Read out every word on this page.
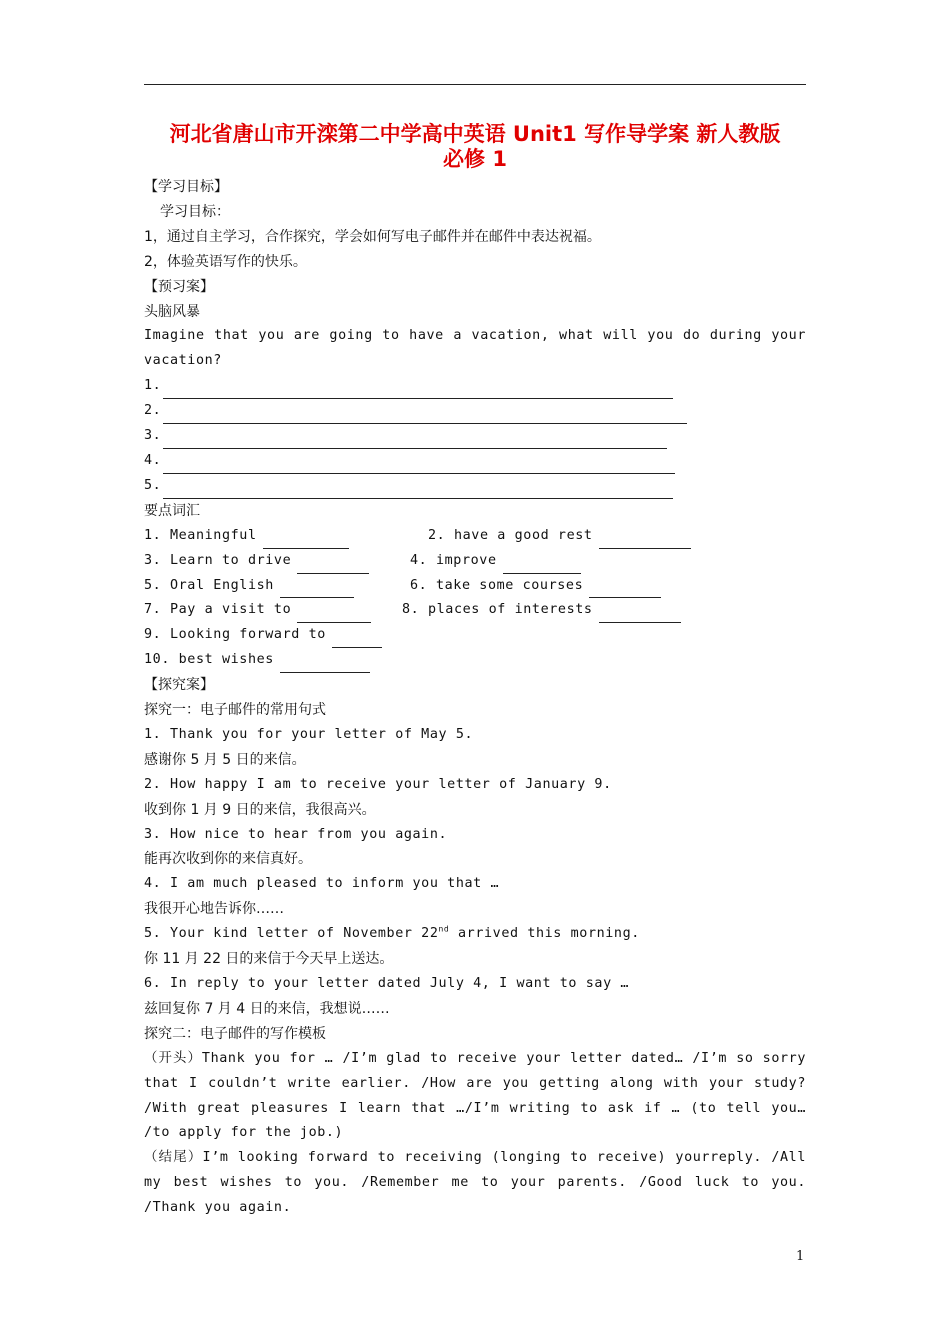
河北省唐山市开滦第二中学高中英语 Unit1 写作导学案 新人教版
必修 1
【学习目标】
学习目标：
1，通过自主学习，合作探究，学会如何写电子邮件并在邮件中表达祝福。
2，体验英语写作的快乐。
【预习案】
头脑风暴
Imagine that you are going to have a vacation, what will you do during your vacation?
1.
2.
3.
4.
5.
要点词汇
1. Meaningful	2. have a good rest
3. Learn to drive	4. improve
5. Oral English	6. take some courses
7. Pay a visit to	8. places of interests
9. Looking forward to
10. best wishes
【探究案】
探究一：电子邮件的常用句式
1. Thank you for your letter of May 5.
感谢你 5 月 5 日的来信。
2. How happy I am to receive your letter of January 9.
收到你 1 月 9 日的来信，我很高兴。
3. How nice to hear from you again.
能再次收到你的来信真好。
4. I am much pleased to inform you that …
我很开心地告诉你……
5. Your kind letter of November 22nd arrived this morning.
你 11 月 22 日的来信于今天早上送达。
6. In reply to your letter dated July 4, I want to say …
兹回复你 7 月 4 日的来信，我想说……
探究二：电子邮件的写作模板
（开头）Thank you for … /I’m glad to receive your letter dated… /I’m so sorry that I couldn’t write earlier. /How are you getting along with your study? /With great pleasures I learn that …/I’m writing to ask if … (to tell you… /to apply for the job.)
（结尾）I’m looking forward to receiving (longing to receive) yourreply. /All my best wishes to you. /Remember me to your parents. /Good luck to you. /Thank you again.
1
